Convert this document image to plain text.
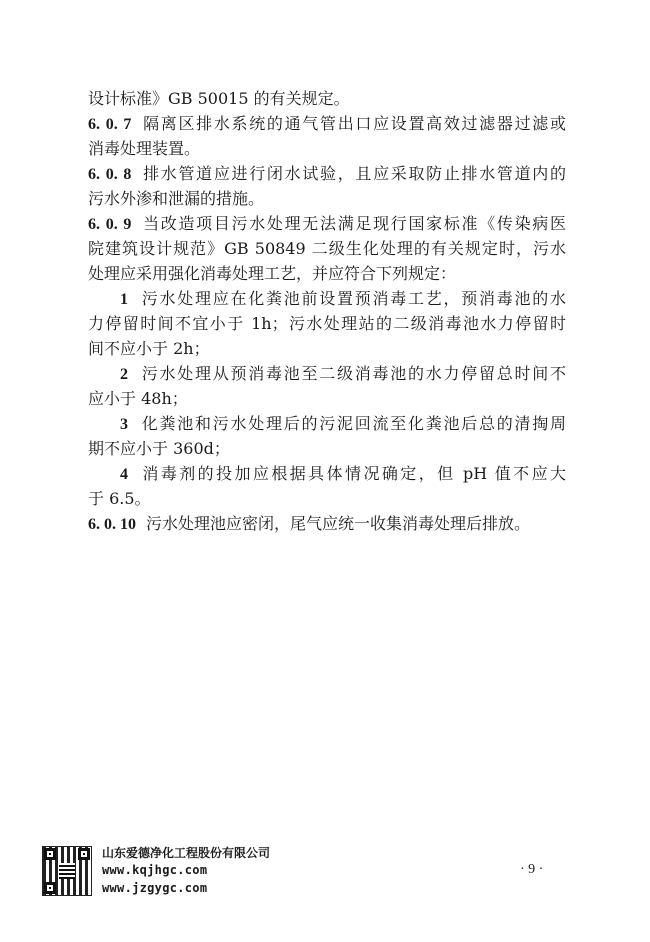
设计标准》GB 50015 的有关规定。

6. 0. 7 隔离区排水系统的通气管出口应设置高效过滤器过滤或

消毒处理装置。

6. 0. 8 排水管道应进行闭水试验，且应采取防止排水管道内的

污水外渗和泄漏的措施。

6. 0. 9 当改造项目污水处理无法满足现行国家标准《传染病医

院建筑设计规范》GB 50849 二级生化处理的有关规定时，污水

处理应采用强化消毒处理工艺，并应符合下列规定：

1 污水处理应在化粪池前设置预消毒工艺，预消毒池的水

力停留时间不宜小于 1h；污水处理站的二级消毒池水力停留时

间不应小于 2h；

2 污水处理从预消毒池至二级消毒池的水力停留总时间不

应小于 48h；

3 化粪池和污水处理后的污泥回流至化粪池后总的清掏周

期不应小于 360d；

4 消毒剂的投加应根据具体情况确定，但 pH 值不应大

于 6.5。

6. 0. 10 污水处理池应密闭，尾气应统一收集消毒处理后排放。

山东爱德净化工程股份有限公司
www.kqjhgc.com
www.jzgygc.com
· 9 ·
